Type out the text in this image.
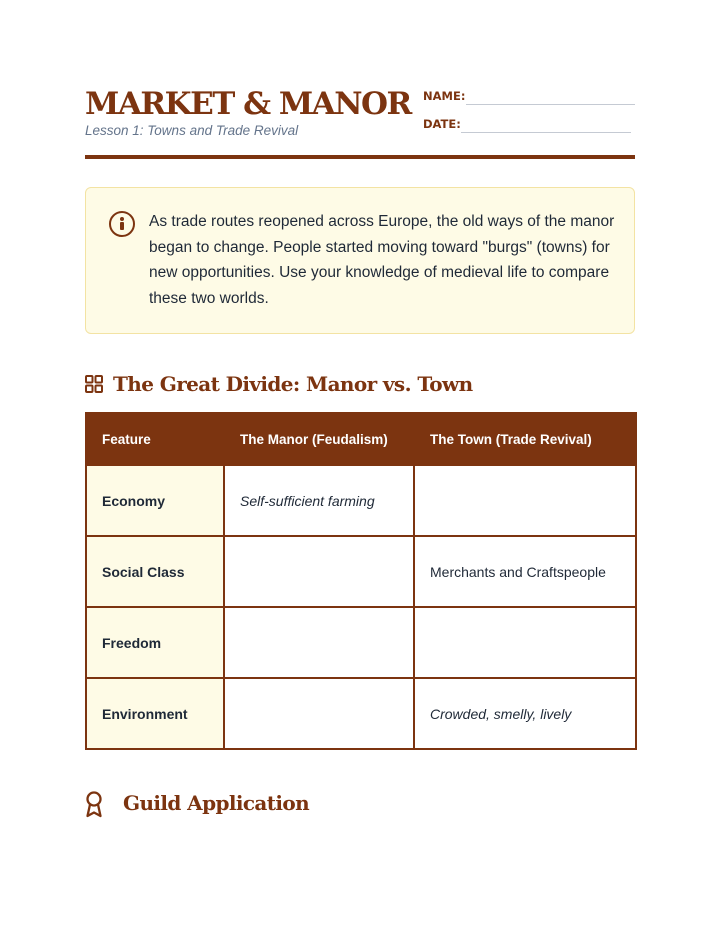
MARKET & MANOR
Lesson 1: Towns and Trade Revival
NAME:
DATE:
As trade routes reopened across Europe, the old ways of the manor began to change. People started moving toward "burgs" (towns) for new opportunities. Use your knowledge of medieval life to compare these two worlds.
The Great Divide: Manor vs. Town
Feature	The Manor (Feudalism)	The Town (Trade Revival)
Economy	Self-sufficient farming	
Social Class		Merchants and Craftspeople
Freedom		
Environment		Crowded, smelly, lively
Guild Application
